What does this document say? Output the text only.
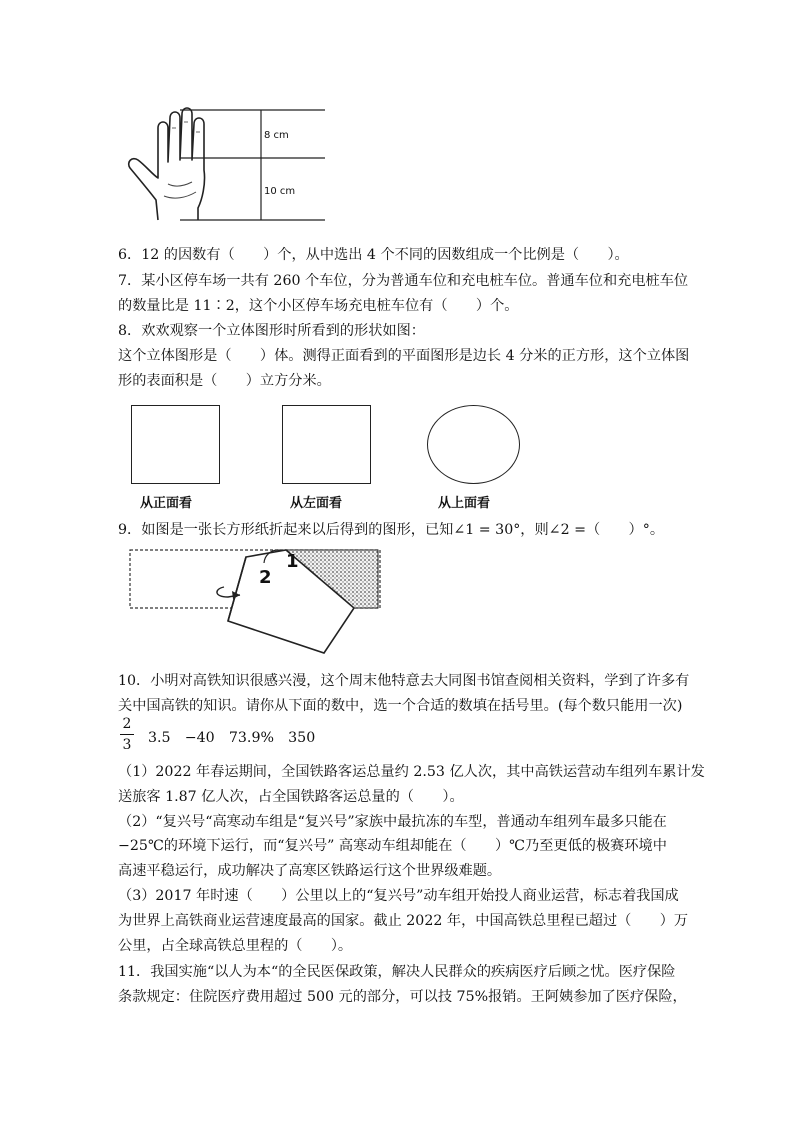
8 cm
10 cm
6．12 的因数有（　　）个，从中选出 4 个不同的因数组成一个比例是（　　）。
7．某小区停车场一共有 260 个车位，分为普通车位和充电桩车位。普通车位和充电桩车位
的数量比是 11∶2，这个小区停车场充电桩车位有（　　）个。
8．欢欢观察一个立体图形时所看到的形状如图：
这个立体图形是（　　）体。测得正面看到的平面图形是边长 4 分米的正方形，这个立体图
形的表面积是（　　）立方分米。
从正面看	从左面看	从上面看
9．如图是一张长方形纸折起来以后得到的图形，已知∠1 = 30°，则∠2 =（　　）°。
1
2
10．小明对高铁知识很感兴漫，这个周末他特意去大同图书馆查阅相关资料，学到了许多有
关中国高铁的知识。请你从下面的数中，选一个合适的数填在括号里。(每个数只能用一次)
2
3 3.5　−40　73.9%　350
（1）2022 年春运期间，全国铁路客运总量约 2.53 亿人次，其中高铁运营动车组列车累计发
送旅客 1.87 亿人次，占全国铁路客运总量的（　　）。
（2）“复兴号“高寒动车组是“复兴号”家族中最抗冻的车型，普通动车组列车最多只能在
−25℃的环境下运行，而“复兴号” 高寒动车组却能在（　　）℃乃至更低的极赛环境中
高速平稳运行，成功解决了高寒区铁路运行这个世界级难题。
（3）2017 年时速（　　）公里以上的“复兴号”动车组开始投人商业运营，标志着我国成
为世界上高铁商业运营速度最高的国家。截止 2022 年，中国高铁总里程已超过（　　）万
公里，占全球高铁总里程的（　　）。
11．我国实施“以人为本“的全民医保政策，解决人民群众的疾病医疗后顾之忧。医疗保险
条款规定：住院医疗费用超过 500 元的部分，可以技 75%报销。王阿姨参加了医疗保险，
